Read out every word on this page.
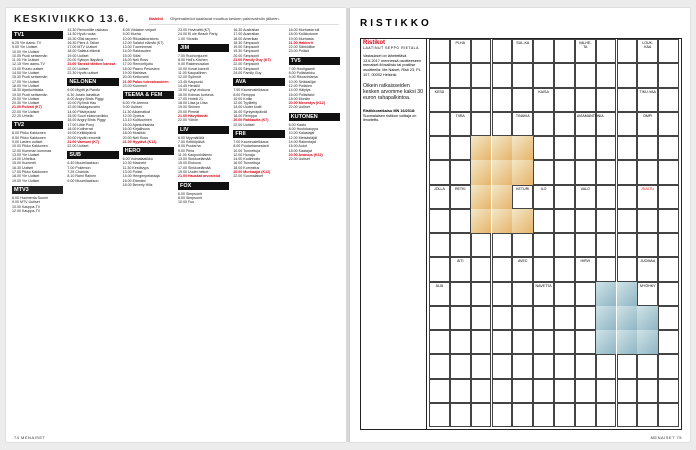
KESKIVIIKKO 13.6.	Iltalehti Ohjelmatiedot saattavat muuttua kesken painovalmiin jälkeen.
TV1
6.25 Yle Aamu-TV
9.00 Yle Uutiset
10.00 Yle Uutiset
10.05 Puoli seitsemän
11.00 Yle Uutiset
12.15 Ylen aamu-TV
13.00 Ruutu uutiset
14.00 Yle Uutiset
15.30 Puoli seitsemän
17.00 Yle Uutiset
18.00 Yle Uutiset
18.30 Ajankohtaista
19.00 Puoli seitsemän
20.00 Yle Uutiset
20.30 Yle Uutiset
21.00 Poliisit (K7)
22.00 Yle Uutiset
22.25 Urheilu
TV2
8.00 Pikku Kakkonen
8.50 Pikku Kakkonen
9.00 Lasten uutiset
10.00 Pikku Kakkonen
12.00 Kumman kummaa
13.00 Yle Uutiset
14.00 Urheilua
15.00 Kummeli
16.30 Uutiset
17.00 Pikku Kakkonen
18.00 Yle Uutiset
19.00 Yle Uutiset
MTV3
6.00 Huomenta Suomi
9.00 MTV Uutiset
10.00 Kauppa-TV
12.00 Kauppa-TV
13.30 Remontille rakkaus
14.30 Hyvä ruoka
15.30 Olisi tarpeen
16.30 Pieni & Tallari
17.00 MTV Uutiset
18.00 Salatut elämät
19.00 Uutiset
20.00 Syksyn iltapäivä
21.00 Tanssii tähtien kanssa
22.00 Uutiset
22.30 Hyvät uutiset
NELONEN
6.00 Myytti ja Pandu
6.30 Jotain lainattua
8.00 Angry Birds Piggy
10.00 Ryhmä Hau
12.00 Madagascarin
14.00 Päivitystalvi
15.00 Suuri elokuvaviikko
16.00 Angry Birds Piggy
17.00 Little Pony
18.00 Kotiherrat
19.00 Keittiöpäivä
20.00 Hyvät remontit
21.00 Vaimoni (K7)
22.00 Uutiset
SUB
6.40 Muumilaakson
7.00 Pokémon
7.25 Chariots
8.10 Rami Rainen
9.00 Muumilaakson
8.05 Viidakon veijarit
9.00 Murha
10.00 Rikoslaboratorio
12.00 Salatut elämät (K7)
13.00 Tuoreimmat
14.00 Rakkauden
15.00 Sillat
16.00 Neil Ross
17.00 Remontijuttu
18.00 Paavo Pesusieni
19.00 Mahtava
20.00 Kettuvahti
21.00 Paluu tulevaisuuteen
23.00 Kummeli
TEEMA & FEM
8.00 Yle Areena
9.00 Uutiset
11.30 Aikamatkat
12.00 Opetus
13.10 Kulttuurinen
15.00 Ajankohtaista
16.00 Kirjallisuus
18.00 Musiikki
20.00 Neil Ross
21.00 Hyytävä (K12)
HERO
6.00 Voimalaatikko
10.30 Machete
11.30 Kestävyys
13.00 Poliisi
14.00 Hengenpelastaja
16.00 Elämäni
18.00 Beverly Hills
23.00 Hovivaltti (K7)
24.00 Ei ole Beach Party
1.00 Yöradio
JIM
7.00 Ruohonjuuret
8.00 Hell's Kitchen
9.00 Rakennusalan
10.00 Kovat kaverit
11.00 Kaupallinen
12.00 Syönnöt
13.45 Kaupunki
14.45 Henkilö
15.00 Lyhyt elokuva
16.00 Kolmas korkeus
17.00 Hotelli 21
18.00 Liisa ja Liisa
19.00 Sininen
20.00 Pimeät
21.00 Hävyttömät
22.00 Yöhön
LIV
6.00 Myymälöitä
7.00 Keittiöpäivä
8.00 Puutarha
9.00 Pihla
11.00 Kaupunkilainen
13.00 Sinkkuelämää
15.00 Elokuva
17.00 Sinkkuelämää
19.00 Uudet hetket
21.00 Hauskat arvostelut
FOX
6.00 Simpsonit
8.00 Simpsonit
10.00 Fuu
16.30 Australian
17.00 Australian
18.00 Amerikan
18.30 Simpsonit
19.00 Simpsonit
19.30 Simpsonit
20.00 Simpsonit
21.00 Family Guy (K7)
22.00 Simpsonit
23.00 Simpsonit
24.00 Family Guy
AVA
7.00 Kauneusleikkaus
8.00 Remppa
10.00 Kotiin
12.00 Tyylitelty
14.00 Uudet kodit
16.00 Syntymäpäivät
18.00 Remppa
20.00 Rakkautta (K7)
22.00 Uutiset
FRII
7.00 Kauneusleikkaus
8.00 Puutarhamestarit
10.00 Tunnettuja
12.00 Hunaja
14.00 Kodinhoito
16.00 Tunnettuja
18.00 Kummitus
20.00 Murhaajat (K12)
22.00 Suomalaiset
16.00 Murhasta tuli
18.00 Kolikkokone
19.00 Murhasta
21.00 Hakkerit
22.00 Sähköliike
23.00 Poliisit
TV5
7.00 Hooligaanit
8.00 Poliisiarkku
9.00 Rikosrintama
10.00 Seikkailijat
12.00 Poliisien
14.00 Hälytys
16.00 Poliisitalvi
18.00 Munkin
20.00 Menestys (K12)
22.00 Uutiset
KUTONEN
6.00 Kaato
8.00 Huutokauppa
10.00 Kalastajat
12.00 Metsästäjät
14.00 Rakentajat
16.00 Autot
18.00 Kaatajat
20.00 Avaruus (K12)
22.00 Uutiset
74 MENAISET
RISTIKKO
Ristikot
LAATINUT SEPPO RIETALA
Vastaukset on lähetettävä 13.6.2017 mennessä osoitteeseen menaiset.fi/osallistu tai postitse osoitteella: Me Naiset, Risti 23, PL 107, 00002 Helsinki
Oikein ratkaisseiden kesken arvomme kaksi 30 euron rahapalkintoa.
Ristikkoratkaisu MN 16/2018:
Suomalaisen ristikon voittaja on ilmoitettu.
PI-HA	SUL-KA	VALHE-TA
LOUK-KAA
KESÄ	KAISA	TIKU-VAA
TIIRA	TINAVIA	AVIAMANTONIA	OMPI
JOLLA	RETKI	KETURI	ILO	VALO	RUUTU
ÄITI	AVEC	HIRVI	JUOMAA
ÄIJÄ	NAVETTA	MYÖHKY
MENAISET 75
